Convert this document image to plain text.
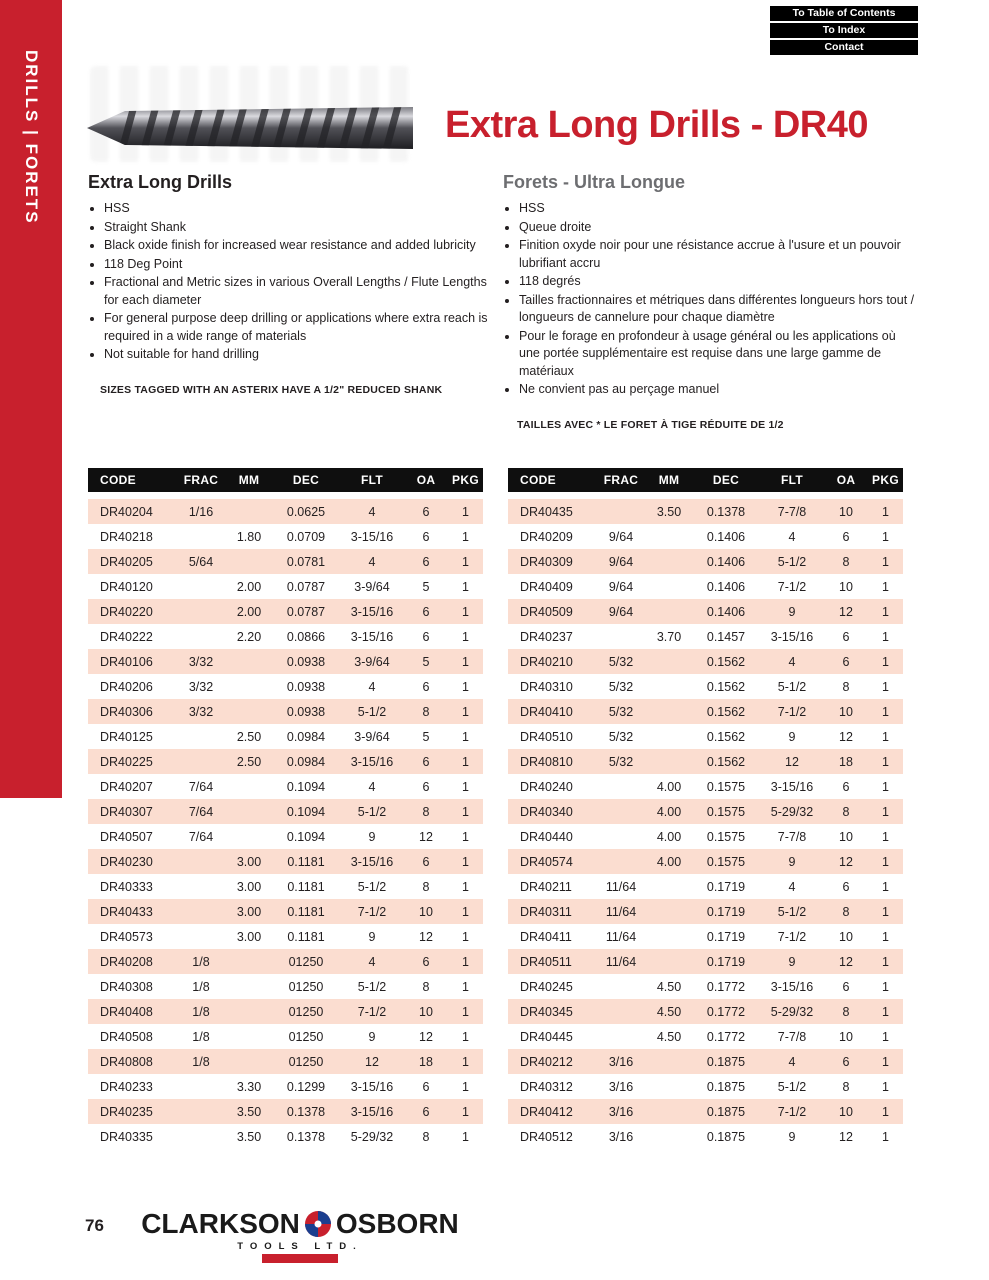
DRILLS | FORETS
To Table of Contents
To Index
Contact
Extra Long Drills - DR40
Extra Long Drills
• HSS
• Straight Shank
• Black oxide finish for increased wear resistance and added lubricity
• 118 Deg Point
• Fractional and Metric sizes in various Overall Lengths / Flute Lengths for each diameter
• For general purpose deep drilling or applications where extra reach is required in a wide range of materials
• Not suitable for hand drilling
SIZES TAGGED WITH AN ASTERIX HAVE A 1/2" REDUCED SHANK
Forets - Ultra Longue
• HSS
• Queue droite
• Finition oxyde noir pour une résistance accrue à l'usure et un pouvoir lubrifiant accru
• 118 degrés
• Tailles fractionnaires et métriques dans différentes longueurs hors tout / longueurs de cannelure pour chaque diamètre
• Pour le forage en profondeur à usage général ou les applications où une portée supplémentaire est requise dans une large gamme de matériaux
• Ne convient pas au perçage manuel
TAILLES AVEC * LE FORET À TIGE RÉDUITE DE 1/2
CODE	FRAC	MM	DEC	FLT	OA	PKG
DR40204	1/16		0.0625	4	6	1
DR40218		1.80	0.0709	3-15/16	6	1
DR40205	5/64		0.0781	4	6	1
DR40120		2.00	0.0787	3-9/64	5	1
DR40220		2.00	0.0787	3-15/16	6	1
DR40222		2.20	0.0866	3-15/16	6	1
DR40106	3/32		0.0938	3-9/64	5	1
DR40206	3/32		0.0938	4	6	1
DR40306	3/32		0.0938	5-1/2	8	1
DR40125		2.50	0.0984	3-9/64	5	1
DR40225		2.50	0.0984	3-15/16	6	1
DR40207	7/64		0.1094	4	6	1
DR40307	7/64		0.1094	5-1/2	8	1
DR40507	7/64		0.1094	9	12	1
DR40230		3.00	0.1181	3-15/16	6	1
DR40333		3.00	0.1181	5-1/2	8	1
DR40433		3.00	0.1181	7-1/2	10	1
DR40573		3.00	0.1181	9	12	1
DR40208	1/8		01250	4	6	1
DR40308	1/8		01250	5-1/2	8	1
DR40408	1/8		01250	7-1/2	10	1
DR40508	1/8		01250	9	12	1
DR40808	1/8		01250	12	18	1
DR40233		3.30	0.1299	3-15/16	6	1
DR40235		3.50	0.1378	3-15/16	6	1
DR40335		3.50	0.1378	5-29/32	8	1
CODE	FRAC	MM	DEC	FLT	OA	PKG
DR40435		3.50	0.1378	7-7/8	10	1
DR40209	9/64		0.1406	4	6	1
DR40309	9/64		0.1406	5-1/2	8	1
DR40409	9/64		0.1406	7-1/2	10	1
DR40509	9/64		0.1406	9	12	1
DR40237		3.70	0.1457	3-15/16	6	1
DR40210	5/32		0.1562	4	6	1
DR40310	5/32		0.1562	5-1/2	8	1
DR40410	5/32		0.1562	7-1/2	10	1
DR40510	5/32		0.1562	9	12	1
DR40810	5/32		0.1562	12	18	1
DR40240		4.00	0.1575	3-15/16	6	1
DR40340		4.00	0.1575	5-29/32	8	1
DR40440		4.00	0.1575	7-7/8	10	1
DR40574		4.00	0.1575	9	12	1
DR40211	11/64		0.1719	4	6	1
DR40311	11/64		0.1719	5-1/2	8	1
DR40411	11/64		0.1719	7-1/2	10	1
DR40511	11/64		0.1719	9	12	1
DR40245		4.50	0.1772	3-15/16	6	1
DR40345		4.50	0.1772	5-29/32	8	1
DR40445		4.50	0.1772	7-7/8	10	1
DR40212	3/16		0.1875	4	6	1
DR40312	3/16		0.1875	5-1/2	8	1
DR40412	3/16		0.1875	7-1/2	10	1
DR40512	3/16		0.1875	9	12	1
76 CLARKSON OSBORN
TOOLS LTD.
